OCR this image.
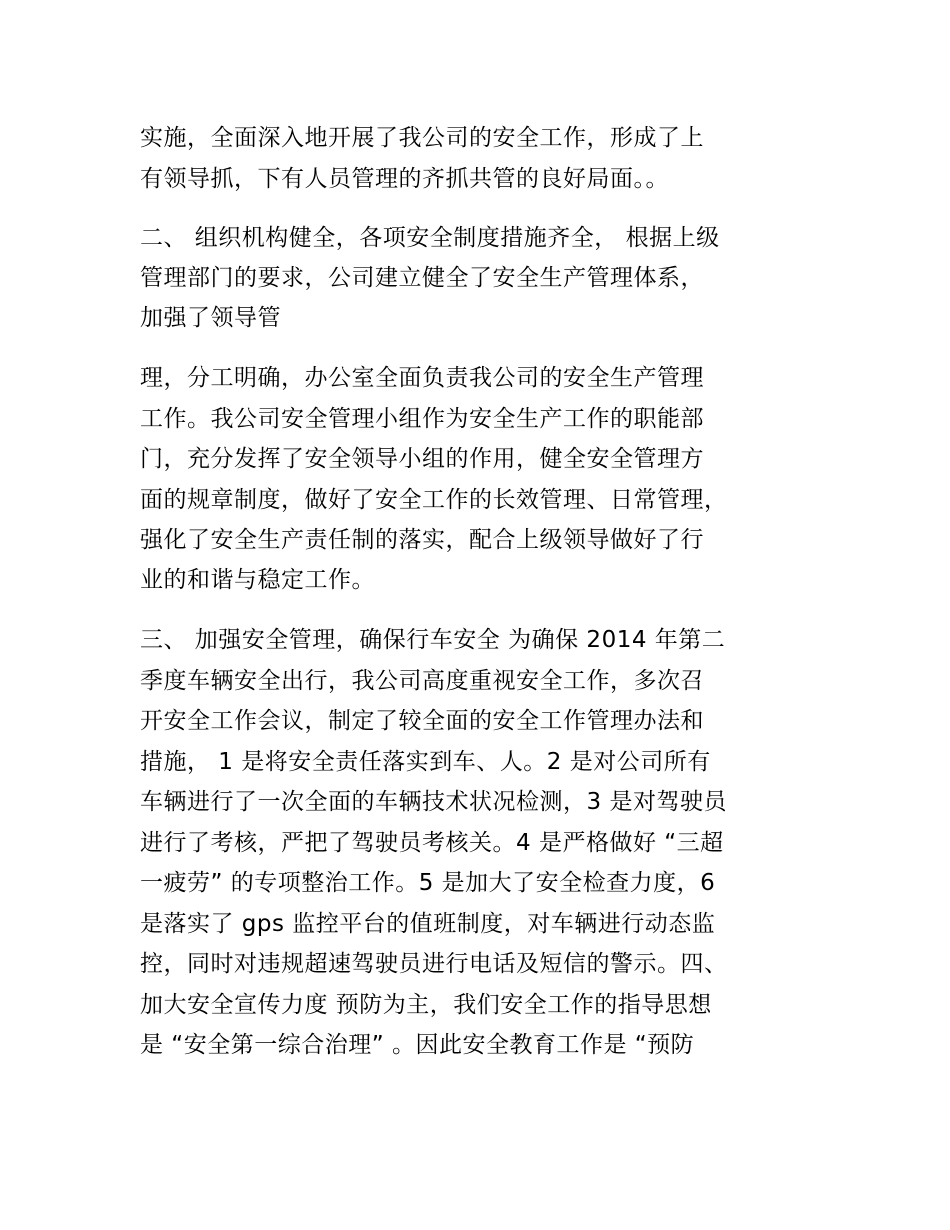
实施，全面深入地开展了我公司的安全工作，形成了上
有领导抓，下有人员管理的齐抓共管的良好局面。。
二、 组织机构健全，各项安全制度措施齐全， 根据上级
管理部门的要求，公司建立健全了安全生产管理体系，
加强了领导管
理，分工明确，办公室全面负责我公司的安全生产管理
工作。我公司安全管理小组作为安全生产工作的职能部
门，充分发挥了安全领导小组的作用，健全安全管理方
面的规章制度，做好了安全工作的长效管理、日常管理，
强化了安全生产责任制的落实，配合上级领导做好了行
业的和谐与稳定工作。
三、 加强安全管理，确保行车安全 为确保 2014 年第二
季度车辆安全出行，我公司高度重视安全工作，多次召
开安全工作会议，制定了较全面的安全工作管理办法和
措施， 1 是将安全责任落实到车、人。2 是对公司所有
车辆进行了一次全面的车辆技术状况检测，3 是对驾驶员
进行了考核，严把了驾驶员考核关。4 是严格做好 “三超
一疲劳” 的专项整治工作。5 是加大了安全检查力度，6
是落实了 gps 监控平台的值班制度，对车辆进行动态监
控，同时对违规超速驾驶员进行电话及短信的警示。四、
加大安全宣传力度 预防为主，我们安全工作的指导思想
是 “安全第一综合治理” 。因此安全教育工作是 “预防
